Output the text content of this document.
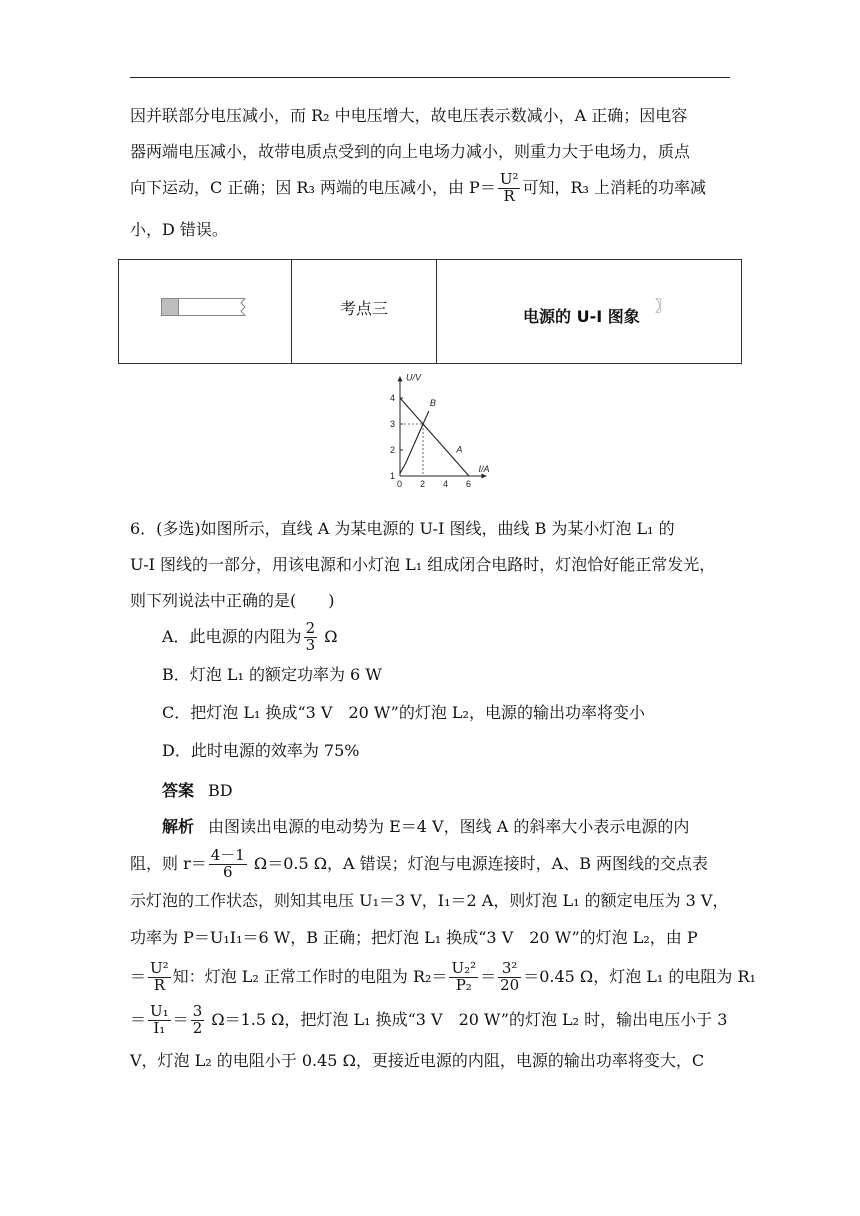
因并联部分电压减小，而 R₂ 中电压增大，故电压表示数减小，A 正确；因电容
器两端电压减小，故带电质点受到的向上电场力减小，则重力大于电场力，质点
向下运动，C 正确；因 R₃ 两端的电压减小，由 $P= \frac{\text{U²}}{R}$ 可知，R₃ 上消耗的功率减
小，D 错误。
考点三	电源的 U-I 图象 〗
I/A
U/V
0 2 4 6
1
2
3
4
A
B
6．(多选)如图所示，直线 A 为某电源的 U-I 图线，曲线 B 为某小灯泡 L₁ 的
U-I 图线的一部分，用该电源和小灯泡 L₁ 组成闭合电路时，灯泡恰好能正常发光，
则下列说法中正确的是(　　)
A．此电源的内阻为 $\frac{2}{3}$ Ω
B．灯泡 L₁ 的额定功率为 6 W
C．把灯泡 L₁ 换成“3 V　20 W”的灯泡 L₂，电源的输出功率将变小
D．此时电源的效率为 75%
答案 BD
解析 由图读出电源的电动势为 E＝4 V，图线 A 的斜率大小表示电源的内
阻，则 $r= \frac{4-1}{6} \Omega=0.5$ Ω，A 错误；灯泡与电源连接时，A、B 两图线的交点表
示灯泡的工作状态，则知其电压 U₁＝3 V，I₁＝2 A，则灯泡 L₁ 的额定电压为 3 V，
功率为 P＝U₁I₁＝6 W，B 正确；把灯泡 L₁ 换成“3 V　20 W”的灯泡 L₂，由 P
＝ $\frac{\text{U²}}{R}$ 知：灯泡 L₂ 正常工作时的电阻为 $R_2= \frac{\text{U₂²}}{\text{P₂}} = \frac{\text{3²}}{20} =0.45$ Ω，灯泡 L₁ 的电阻为 R₁
＝ $\frac{\text{U₁}}{\text{I₁}} = \frac{3}{2} \Omega=1.5$ Ω，把灯泡 L₁ 换成“3 V　20 W”的灯泡 L₂ 时，输出电压小于 3
V，灯泡 L₂ 的电阻小于 0.45 Ω，更接近电源的内阻，电源的输出功率将变大，C
